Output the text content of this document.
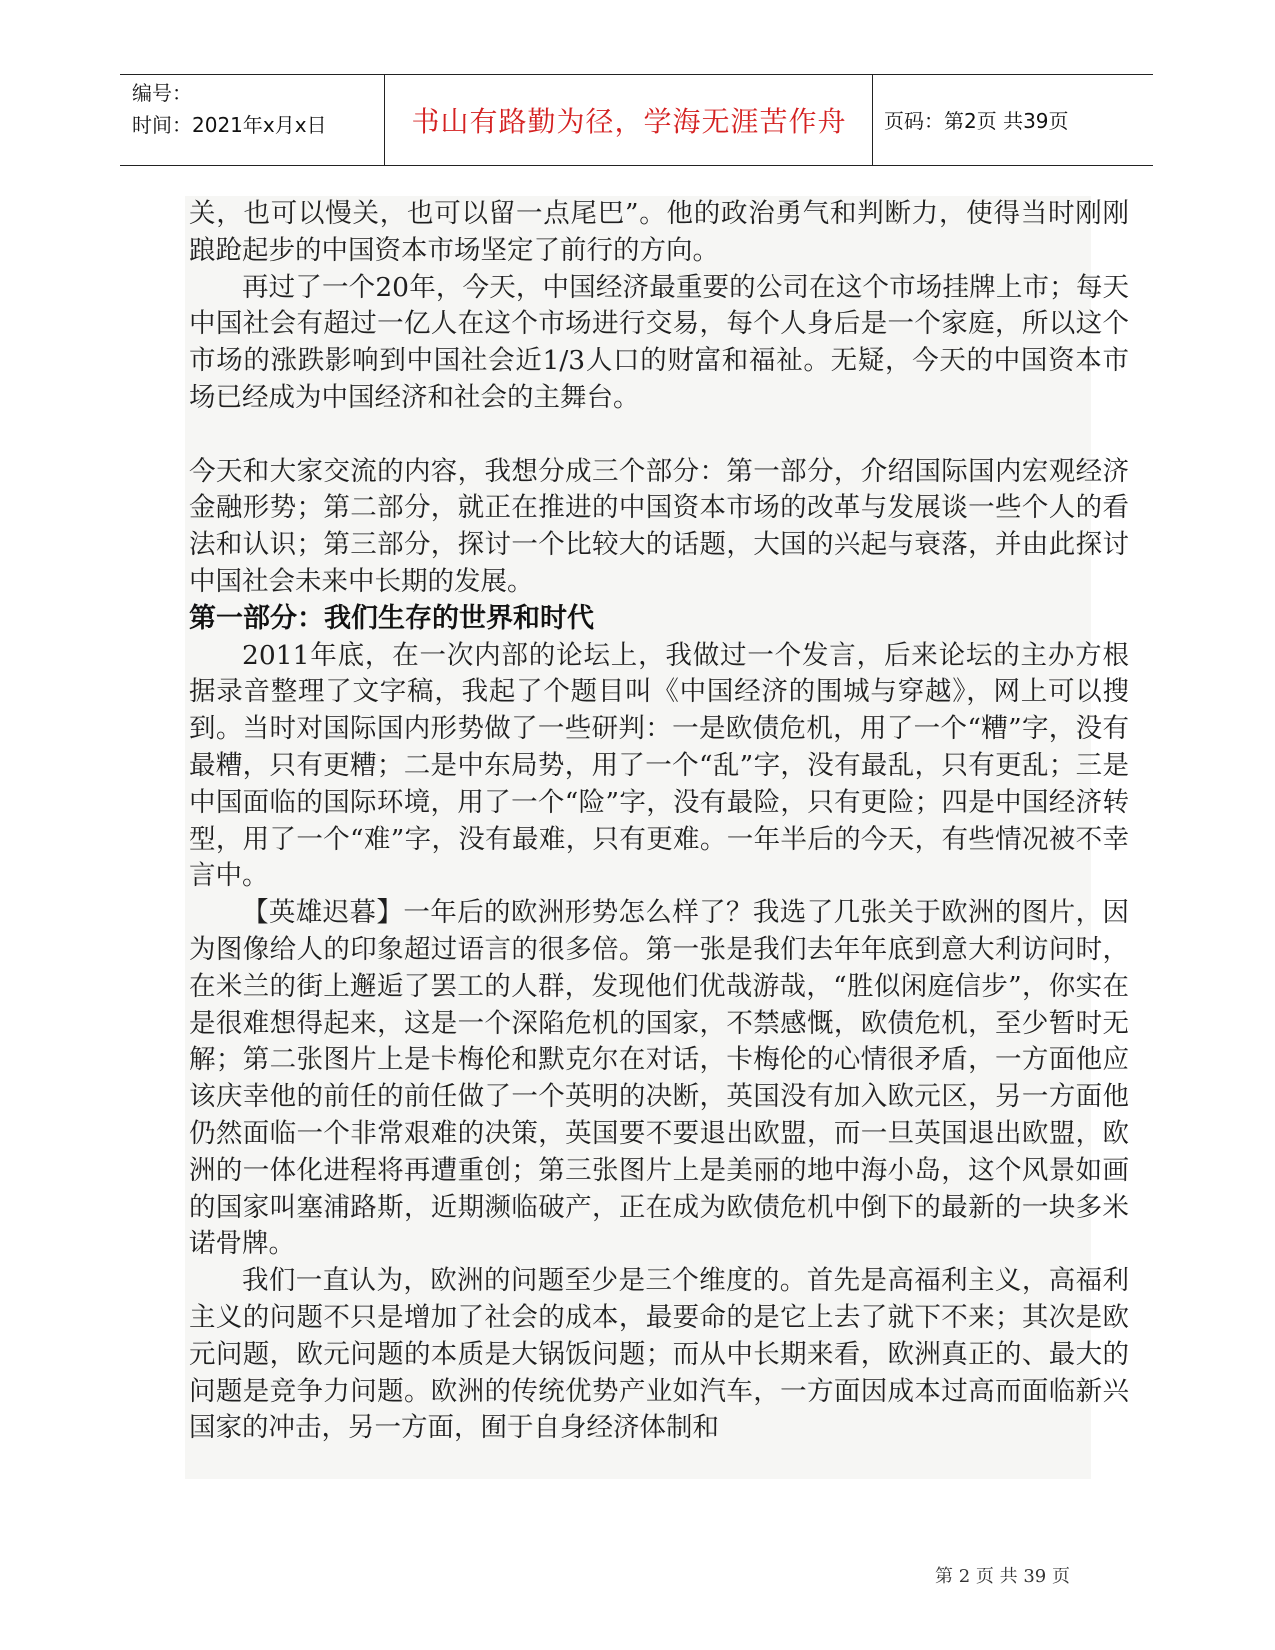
编号：
时间：2021年x月x日	书山有路勤为径，学海无涯苦作舟	页码：第2页 共39页

关，也可以慢关，也可以留一点尾巴”。他的政治勇气和判断力，使得当时刚刚踉跄起步的中国资本市场坚定了前行的方向。

再过了一个20年，今天，中国经济最重要的公司在这个市场挂牌上市；每天中国社会有超过一亿人在这个市场进行交易，每个人身后是一个家庭，所以这个市场的涨跌影响到中国社会近1/3人口的财富和福祉。无疑，今天的中国资本市场已经成为中国经济和社会的主舞台。

今天和大家交流的内容，我想分成三个部分：第一部分，介绍国际国内宏观经济金融形势；第二部分，就正在推进的中国资本市场的改革与发展谈一些个人的看法和认识；第三部分，探讨一个比较大的话题，大国的兴起与衰落，并由此探讨中国社会未来中长期的发展。

第一部分：我们生存的世界和时代

2011年底，在一次内部的论坛上，我做过一个发言，后来论坛的主办方根据录音整理了文字稿，我起了个题目叫《中国经济的围城与穿越》，网上可以搜到。当时对国际国内形势做了一些研判：一是欧债危机，用了一个“糟”字，没有最糟，只有更糟；二是中东局势，用了一个“乱”字，没有最乱，只有更乱；三是中国面临的国际环境，用了一个“险”字，没有最险，只有更险；四是中国经济转型，用了一个“难”字，没有最难，只有更难。一年半后的今天，有些情况被不幸言中。

【英雄迟暮】一年后的欧洲形势怎么样了？我选了几张关于欧洲的图片，因为图像给人的印象超过语言的很多倍。第一张是我们去年年底到意大利访问时，在米兰的街上邂逅了罢工的人群，发现他们优哉游哉，“胜似闲庭信步”，你实在是很难想得起来，这是一个深陷危机的国家，不禁感慨，欧债危机，至少暂时无解；第二张图片上是卡梅伦和默克尔在对话，卡梅伦的心情很矛盾，一方面他应该庆幸他的前任的前任做了一个英明的决断，英国没有加入欧元区，另一方面他仍然面临一个非常艰难的决策，英国要不要退出欧盟，而一旦英国退出欧盟，欧洲的一体化进程将再遭重创；第三张图片上是美丽的地中海小岛，这个风景如画的国家叫塞浦路斯，近期濒临破产，正在成为欧债危机中倒下的最新的一块多米诺骨牌。

我们一直认为，欧洲的问题至少是三个维度的。首先是高福利主义，高福利主义的问题不只是增加了社会的成本，最要命的是它上去了就下不来；其次是欧元问题，欧元问题的本质是大锅饭问题；而从中长期来看，欧洲真正的、最大的问题是竞争力问题。欧洲的传统优势产业如汽车，一方面因成本过高而面临新兴国家的冲击，另一方面，囿于自身经济体制和

第 2 页 共 39 页
